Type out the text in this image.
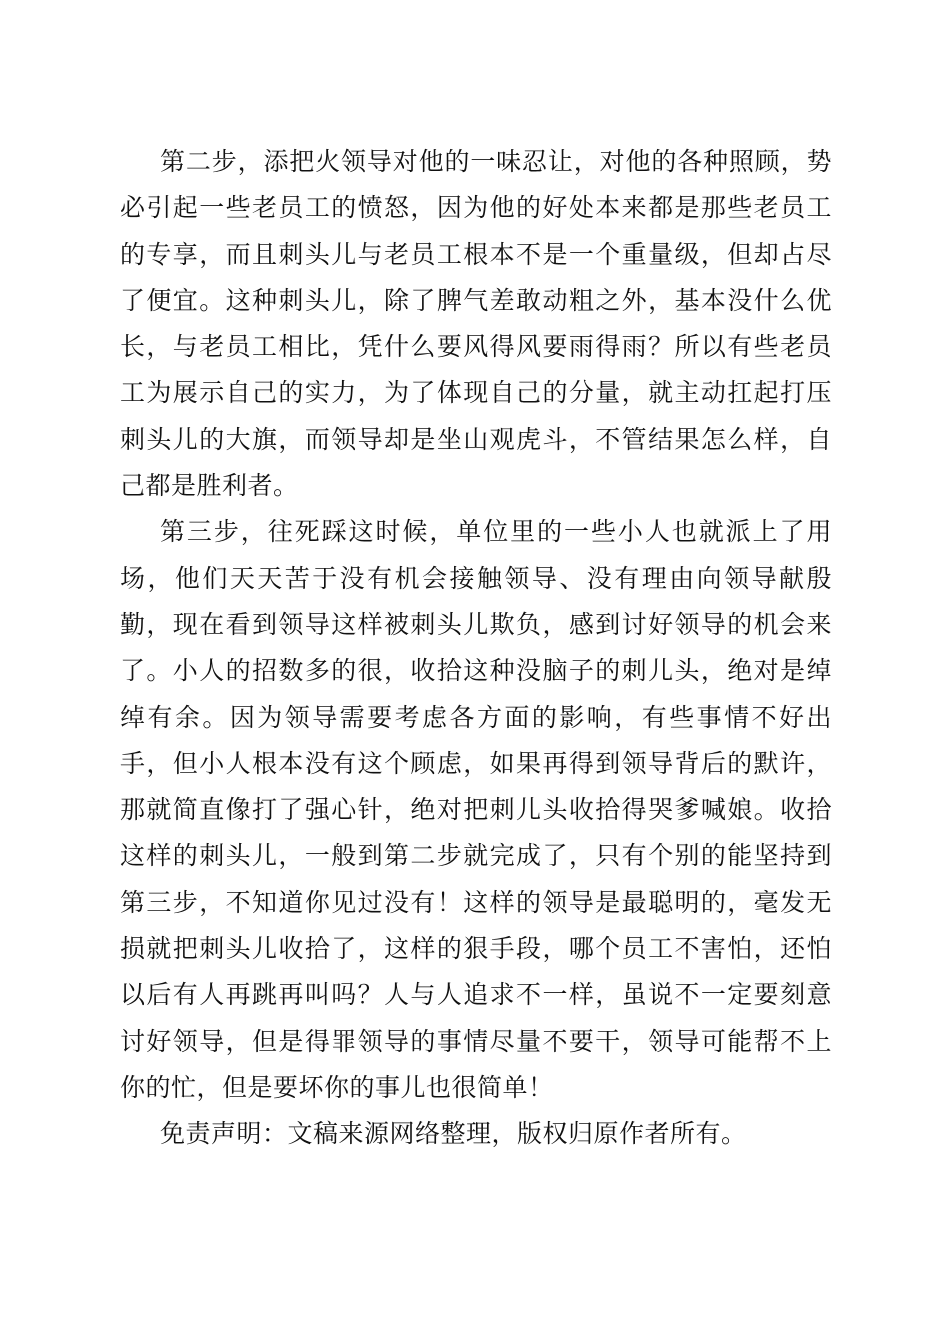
第二步，添把火领导对他的一味忍让，对他的各种照顾，势必引起一些老员工的愤怒，因为他的好处本来都是那些老员工的专享，而且刺头儿与老员工根本不是一个重量级，但却占尽了便宜。这种刺头儿，除了脾气差敢动粗之外，基本没什么优长，与老员工相比，凭什么要风得风要雨得雨？所以有些老员工为展示自己的实力，为了体现自己的分量，就主动扛起打压刺头儿的大旗，而领导却是坐山观虎斗，不管结果怎么样，自己都是胜利者。

第三步，往死踩这时候，单位里的一些小人也就派上了用场，他们天天苦于没有机会接触领导、没有理由向领导献殷勤，现在看到领导这样被刺头儿欺负，感到讨好领导的机会来了。小人的招数多的很，收拾这种没脑子的刺儿头，绝对是绰绰有余。因为领导需要考虑各方面的影响，有些事情不好出手，但小人根本没有这个顾虑，如果再得到领导背后的默许，那就简直像打了强心针，绝对把刺儿头收拾得哭爹喊娘。收拾这样的刺头儿，一般到第二步就完成了，只有个别的能坚持到第三步，不知道你见过没有！这样的领导是最聪明的，毫发无损就把刺头儿收拾了，这样的狠手段，哪个员工不害怕，还怕以后有人再跳再叫吗？人与人追求不一样，虽说不一定要刻意讨好领导，但是得罪领导的事情尽量不要干，领导可能帮不上你的忙，但是要坏你的事儿也很简单！

免责声明：文稿来源网络整理，版权归原作者所有。
